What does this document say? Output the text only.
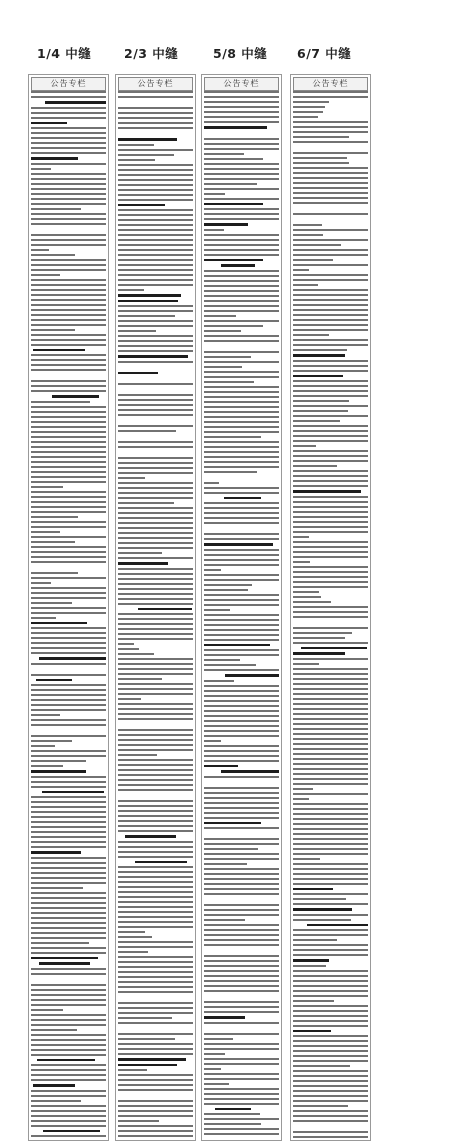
1/4 中缝	2/3 中缝	5/8 中缝 6/7 中缝
公告专栏	公告专栏	公告专栏	公告专栏
